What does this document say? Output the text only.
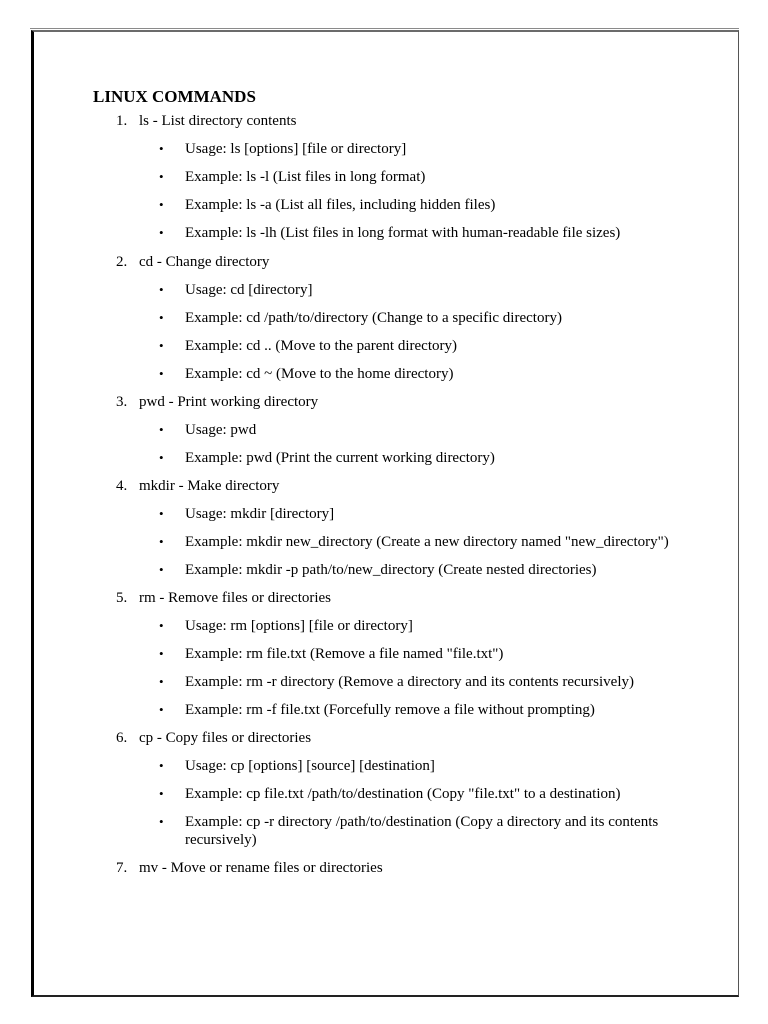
LINUX COMMANDS
1. ls - List directory contents
• Usage: ls [options] [file or directory]
• Example: ls -l (List files in long format)
• Example: ls -a (List all files, including hidden files)
• Example: ls -lh (List files in long format with human-readable file sizes)
2. cd - Change directory
• Usage: cd [directory]
• Example: cd /path/to/directory (Change to a specific directory)
• Example: cd .. (Move to the parent directory)
• Example: cd ~ (Move to the home directory)
3. pwd - Print working directory
• Usage: pwd
• Example: pwd (Print the current working directory)
4. mkdir - Make directory
• Usage: mkdir [directory]
• Example: mkdir new_directory (Create a new directory named "new_directory")
• Example: mkdir -p path/to/new_directory (Create nested directories)
5. rm - Remove files or directories
• Usage: rm [options] [file or directory]
• Example: rm file.txt (Remove a file named "file.txt")
• Example: rm -r directory (Remove a directory and its contents recursively)
• Example: rm -f file.txt (Forcefully remove a file without prompting)
6. cp - Copy files or directories
• Usage: cp [options] [source] [destination]
• Example: cp file.txt /path/to/destination (Copy "file.txt" to a destination)
• Example: cp -r directory /path/to/destination (Copy a directory and its contents recursively)
7. mv - Move or rename files or directories
